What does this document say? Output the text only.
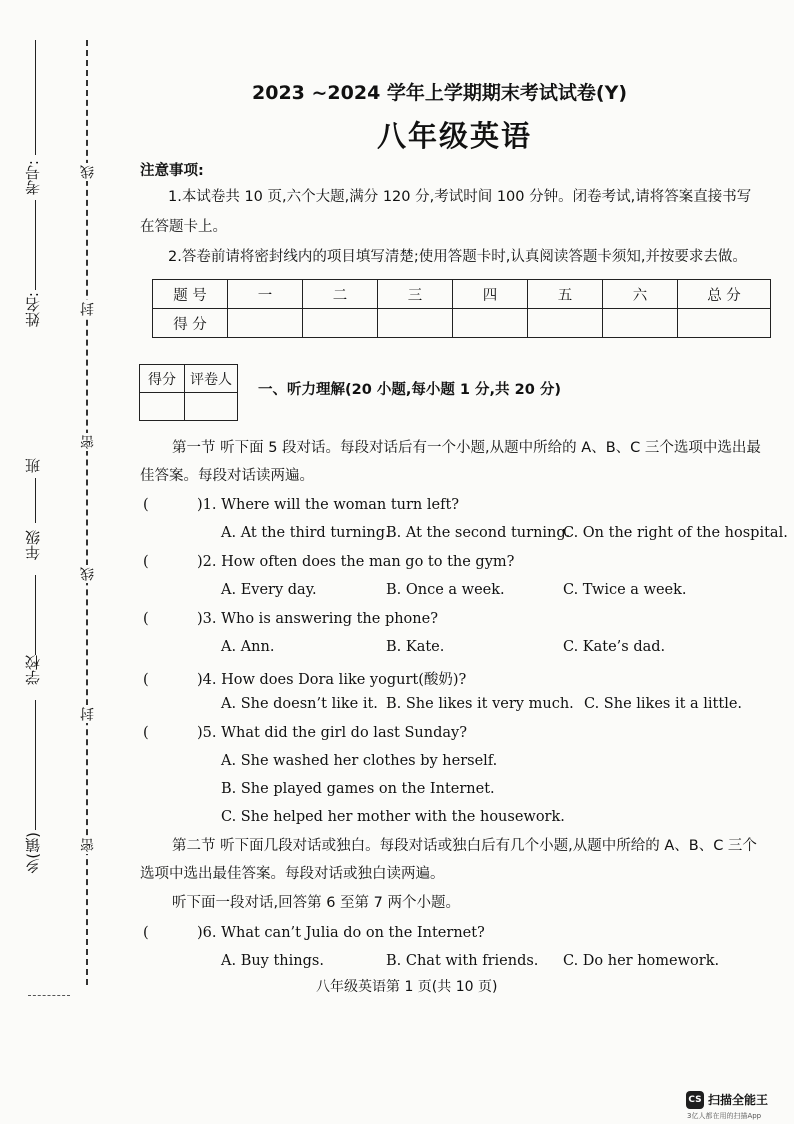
考号:
姓名:
班
年级
学校
乡(镇)
线
封
密
线
封
密
2023 ~2024 学年上学期期末考试试卷(Y)
八年级英语
注意事项:
1.本试卷共 10 页,六个大题,满分 120 分,考试时间 100 分钟。闭卷考试,请将答案直接书写
在答题卡上。
2.答卷前请将密封线内的项目填写清楚;使用答题卡时,认真阅读答题卡须知,并按要求去做。
题 号	一	二	三	四	五	六	总 分
得 分							
得分	评卷人

一、听力理解(20 小题,每小题 1 分,共 20 分)
第一节 听下面 5 段对话。每段对话后有一个小题,从题中所给的 A、B、C 三个选项中选出最
佳答案。每段对话读两遍。
(	)1. Where will the woman turn left?
A. At the third turning.
B. At the second turning.
C. On the right of the hospital.
(	)2. How often does the man go to the gym?
A. Every day.	B. Once a week.	C. Twice a week.
(	)3. Who is answering the phone?
A. Ann.	B. Kate.	C. Kate’s dad.
(	)4. How does Dora like yogurt(酸奶)?
A. She doesn’t like it. B. She likes it very much. C. She likes it a little.
(	)5. What did the girl do last Sunday?
A. She washed her clothes by herself.
B. She played games on the Internet.
C. She helped her mother with the housework.
第二节 听下面几段对话或独白。每段对话或独白后有几个小题,从题中所给的 A、B、C 三个
选项中选出最佳答案。每段对话或独白读两遍。
听下面一段对话,回答第 6 至第 7 两个小题。
(	)6. What can’t Julia do on the Internet?
A. Buy things.	B. Chat with friends. C. Do her homework.
八年级英语第 1 页(共 10 页)
CS 扫描全能王
3亿人都在用的扫描App
